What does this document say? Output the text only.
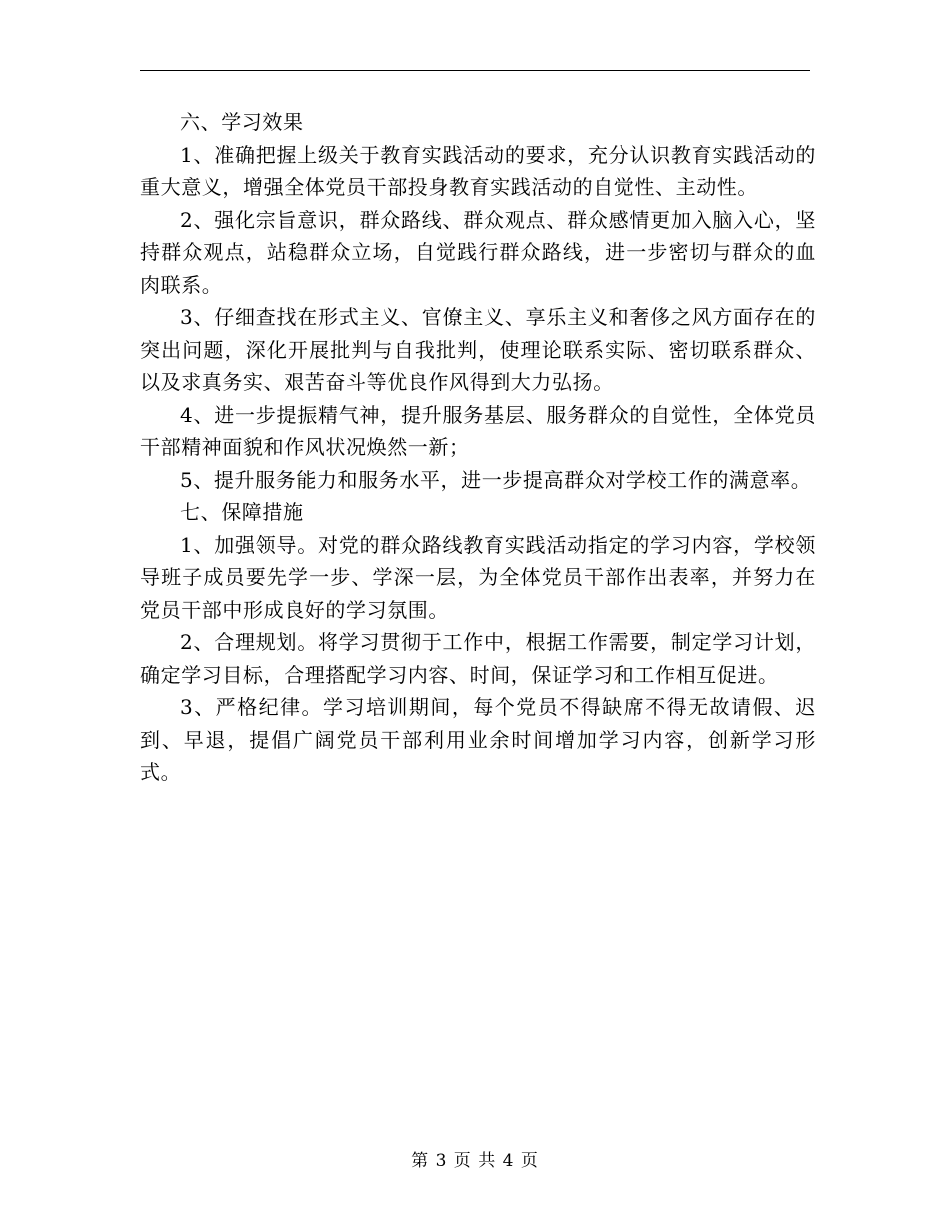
六、学习效果

1、准确把握上级关于教育实践活动的要求，充分认识教育实践活动的重大意义，增强全体党员干部投身教育实践活动的自觉性、主动性。

2、强化宗旨意识，群众路线、群众观点、群众感情更加入脑入心，坚持群众观点，站稳群众立场，自觉践行群众路线，进一步密切与群众的血肉联系。

3、仔细查找在形式主义、官僚主义、享乐主义和奢侈之风方面存在的突出问题，深化开展批判与自我批判，使理论联系实际、密切联系群众、以及求真务实、艰苦奋斗等优良作风得到大力弘扬。

4、进一步提振精气神，提升服务基层、服务群众的自觉性，全体党员干部精神面貌和作风状况焕然一新；

5、提升服务能力和服务水平，进一步提高群众对学校工作的满意率。

七、保障措施

1、加强领导。对党的群众路线教育实践活动指定的学习内容，学校领导班子成员要先学一步、学深一层，为全体党员干部作出表率，并努力在党员干部中形成良好的学习氛围。

2、合理规划。将学习贯彻于工作中，根据工作需要，制定学习计划，确定学习目标，合理搭配学习内容、时间，保证学习和工作相互促进。

3、严格纪律。学习培训期间，每个党员不得缺席不得无故请假、迟到、早退，提倡广阔党员干部利用业余时间增加学习内容，创新学习形式。

第 3 页 共 4 页
